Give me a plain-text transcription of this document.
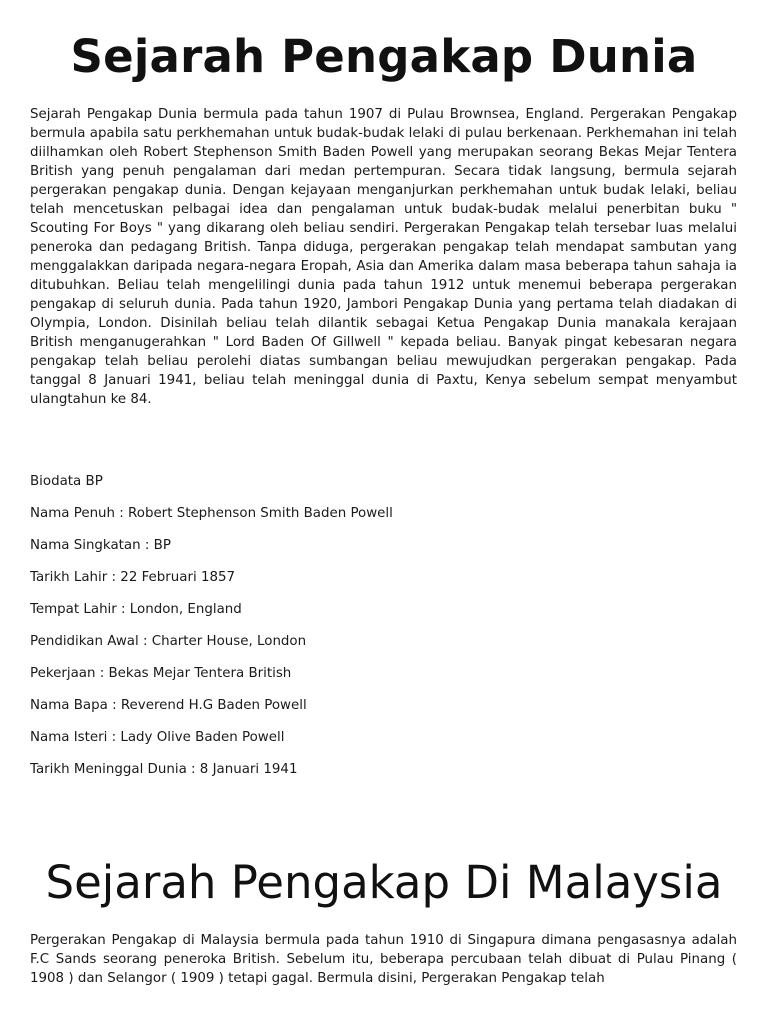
Sejarah Pengakap Dunia

Sejarah Pengakap Dunia bermula pada tahun 1907 di Pulau Brownsea, England. Pergerakan Pengakap bermula apabila satu perkhemahan untuk budak-budak lelaki di pulau berkenaan. Perkhemahan ini telah diilhamkan oleh Robert Stephenson Smith Baden Powell yang merupakan seorang Bekas Mejar Tentera British yang penuh pengalaman dari medan pertempuran. Secara tidak langsung, bermula sejarah pergerakan pengakap dunia. Dengan kejayaan menganjurkan perkhemahan untuk budak lelaki, beliau telah mencetuskan pelbagai idea dan pengalaman untuk budak-budak melalui penerbitan buku " Scouting For Boys " yang dikarang oleh beliau sendiri. Pergerakan Pengakap telah tersebar luas melalui peneroka dan pedagang British. Tanpa diduga, pergerakan pengakap telah mendapat sambutan yang menggalakkan daripada negara-negara Eropah, Asia dan Amerika dalam masa beberapa tahun sahaja ia ditubuhkan. Beliau telah mengelilingi dunia pada tahun 1912 untuk menemui beberapa pergerakan pengakap di seluruh dunia. Pada tahun 1920, Jambori Pengakap Dunia yang pertama telah diadakan di Olympia, London. Disinilah beliau telah dilantik sebagai Ketua Pengakap Dunia manakala kerajaan British menganugerahkan " Lord Baden Of Gillwell " kepada beliau. Banyak pingat kebesaran negara pengakap telah beliau perolehi diatas sumbangan beliau mewujudkan pergerakan pengakap. Pada tanggal 8 Januari 1941, beliau telah meninggal dunia di Paxtu, Kenya sebelum sempat menyambut ulangtahun ke 84.

Biodata BP
Nama Penuh : Robert Stephenson Smith Baden Powell
Nama Singkatan : BP
Tarikh Lahir : 22 Februari 1857
Tempat Lahir : London, England
Pendidikan Awal : Charter House, London
Pekerjaan : Bekas Mejar Tentera British
Nama Bapa : Reverend H.G Baden Powell
Nama Isteri : Lady Olive Baden Powell
Tarikh Meninggal Dunia : 8 Januari 1941
Sejarah Pengakap Di Malaysia

Pergerakan Pengakap di Malaysia bermula pada tahun 1910 di Singapura dimana pengasasnya adalah F.C Sands seorang peneroka British. Sebelum itu, beberapa percubaan telah dibuat di Pulau Pinang ( 1908 ) dan Selangor ( 1909 ) tetapi gagal. Bermula disini, Pergerakan Pengakap telah
